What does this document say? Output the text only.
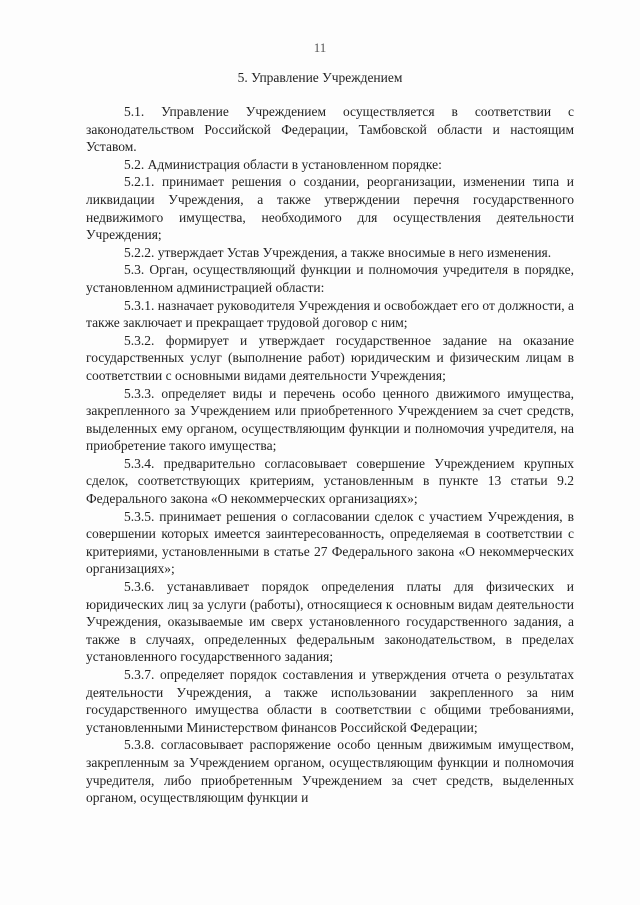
11
5. Управление Учреждением

5.1. Управление Учреждением осуществляется в соответствии с законодательством Российской Федерации, Тамбовской области и настоящим Уставом.

5.2. Администрация области в установленном порядке:

5.2.1. принимает решения о создании, реорганизации, изменении типа и ликвидации Учреждения, а также утверждении перечня государственного недвижимого имущества, необходимого для осуществления деятельности Учреждения;

5.2.2. утверждает Устав Учреждения, а также вносимые в него изменения.

5.3. Орган, осуществляющий функции и полномочия учредителя в порядке, установленном администрацией области:

5.3.1. назначает руководителя Учреждения и освобождает его от должности, а также заключает и прекращает трудовой договор с ним;

5.3.2. формирует и утверждает государственное задание на оказание государственных услуг (выполнение работ) юридическим и физическим лицам в соответствии с основными видами деятельности Учреждения;

5.3.3. определяет виды и перечень особо ценного движимого имущества, закрепленного за Учреждением или приобретенного Учреждением за счет средств, выделенных ему органом, осуществляющим функции и полномочия учредителя, на приобретение такого имущества;

5.3.4. предварительно согласовывает совершение Учреждением крупных сделок, соответствующих критериям, установленным в пункте 13 статьи 9.2 Федерального закона «О некоммерческих организациях»;

5.3.5. принимает решения о согласовании сделок с участием Учреждения, в совершении которых имеется заинтересованность, определяемая в соответствии с критериями, установленными в статье 27 Федерального закона «О некоммерческих организациях»;

5.3.6. устанавливает порядок определения платы для физических и юридических лиц за услуги (работы), относящиеся к основным видам деятельности Учреждения, оказываемые им сверх установленного государственного задания, а также в случаях, определенных федеральным законодательством, в пределах установленного государственного задания;

5.3.7. определяет порядок составления и утверждения отчета о результатах деятельности Учреждения, а также использовании закрепленного за ним государственного имущества области в соответствии с общими требованиями, установленными Министерством финансов Российской Федерации;

5.3.8. согласовывает распоряжение особо ценным движимым имуществом, закрепленным за Учреждением органом, осуществляющим функции и полномочия учредителя, либо приобретенным Учреждением за счет средств, выделенных органом, осуществляющим функции и
